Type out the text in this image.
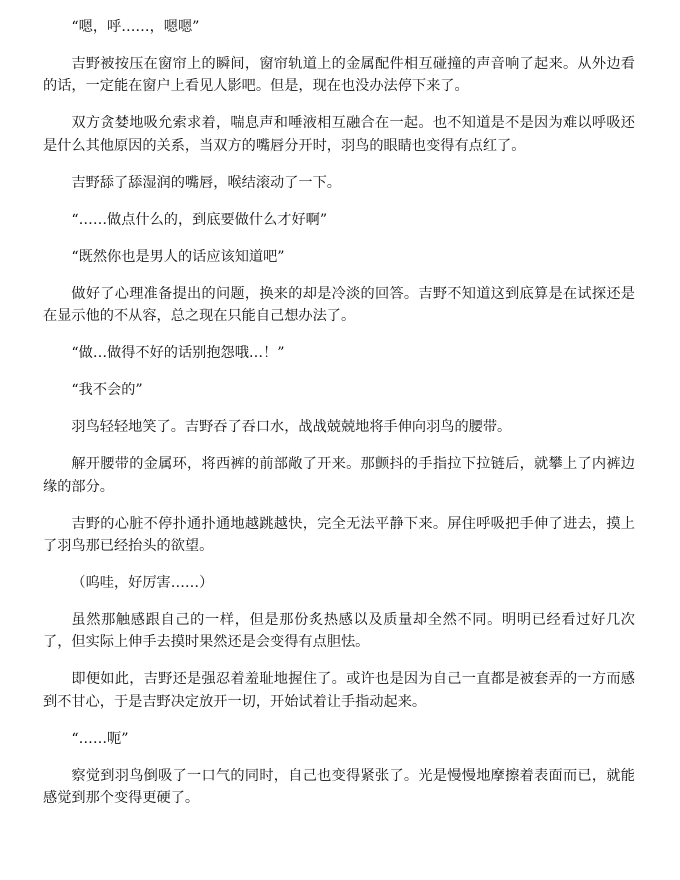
“嗯，呼……，嗯嗯”

吉野被按压在窗帘上的瞬间，窗帘轨道上的金属配件相互碰撞的声音响了起来。从外边看的话，一定能在窗户上看见人影吧。但是，现在也没办法停下来了。

双方贪婪地吸允索求着，喘息声和唾液相互融合在一起。也不知道是不是因为难以呼吸还是什么其他原因的关系，当双方的嘴唇分开时，羽鸟的眼睛也变得有点红了。

吉野舔了舔湿润的嘴唇，喉结滚动了一下。

“……做点什么的，到底要做什么才好啊”

“既然你也是男人的话应该知道吧”

做好了心理准备提出的问题，换来的却是冷淡的回答。吉野不知道这到底算是在试探还是在显示他的不从容，总之现在只能自己想办法了。

“做…做得不好的话别抱怨哦…！”

“我不会的”

羽鸟轻轻地笑了。吉野吞了吞口水，战战兢兢地将手伸向羽鸟的腰带。

解开腰带的金属环，将西裤的前部敞了开来。那颤抖的手指拉下拉链后，就攀上了内裤边缘的部分。

吉野的心脏不停扑通扑通地越跳越快，完全无法平静下来。屏住呼吸把手伸了进去，摸上了羽鸟那已经抬头的欲望。

（呜哇，好厉害……）

虽然那触感跟自己的一样，但是那份炙热感以及质量却全然不同。明明已经看过好几次了，但实际上伸手去摸时果然还是会变得有点胆怯。

即便如此，吉野还是强忍着羞耻地握住了。或许也是因为自己一直都是被套弄的一方而感到不甘心，于是吉野决定放开一切，开始试着让手指动起来。

“……呃”

察觉到羽鸟倒吸了一口气的同时，自己也变得紧张了。光是慢慢地摩擦着表面而已，就能感觉到那个变得更硬了。
